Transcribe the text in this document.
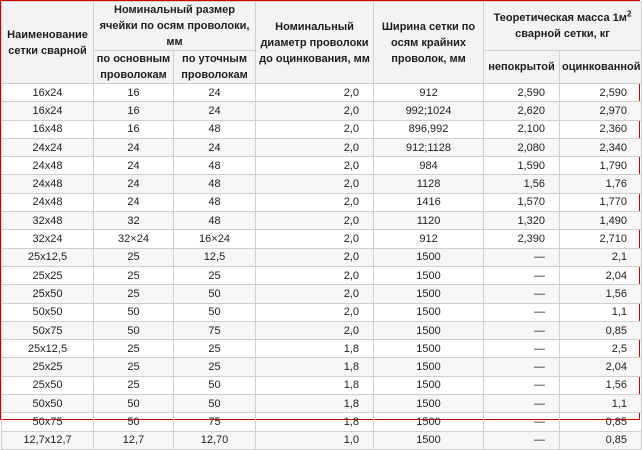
Наименование сетки сварной	Номинальный размер ячейки по осям проволоки, мм		Номинальный диаметр проволоки до оцинкования, мм	Ширина сетки по осям крайних проволок, мм	Теоретическая масса $1м^2$ сварной сетки, кг	
	по основным проволокам	по уточным проволокам			непокрытой	оцинкованной
16х24	16	24	2,0	912	2,590	2,590
16х24	16	24	2,0	992;1024	2,620	2,970
16х48	16	48	2,0	896,992	2,100	2,360
24х24	24	24	2,0	912;1128	2,080	2,340
24х48	24	48	2,0	984	1,590	1,790
24х48	24	48	2,0	1128	1,56	1,76
24х48	24	48	2,0	1416	1,570	1,770
32х48	32	48	2,0	1120	1,320	1,490
32х24	32×24	16×24	2,0	912	2,390	2,710
25х12,5	25	12,5	2,0	1500	—	2,1
25х25	25	25	2,0	1500	—	2,04
25х50	25	50	2,0	1500	—	1,56
50х50	50	50	2,0	1500	—	1,1
50х75	50	75	2,0	1500	—	0,85
25х12,5	25	25	1,8	1500	—	2,5
25х25	25	25	1,8	1500	—	2,04
25х50	25	50	1,8	1500	—	1,56
50х50	50	50	1,8	1500	—	1,1
50х75	50	75	1,8	1500	—	0,85
12,7х12,7	12,7	12,70	1,0	1500	—	0,85
